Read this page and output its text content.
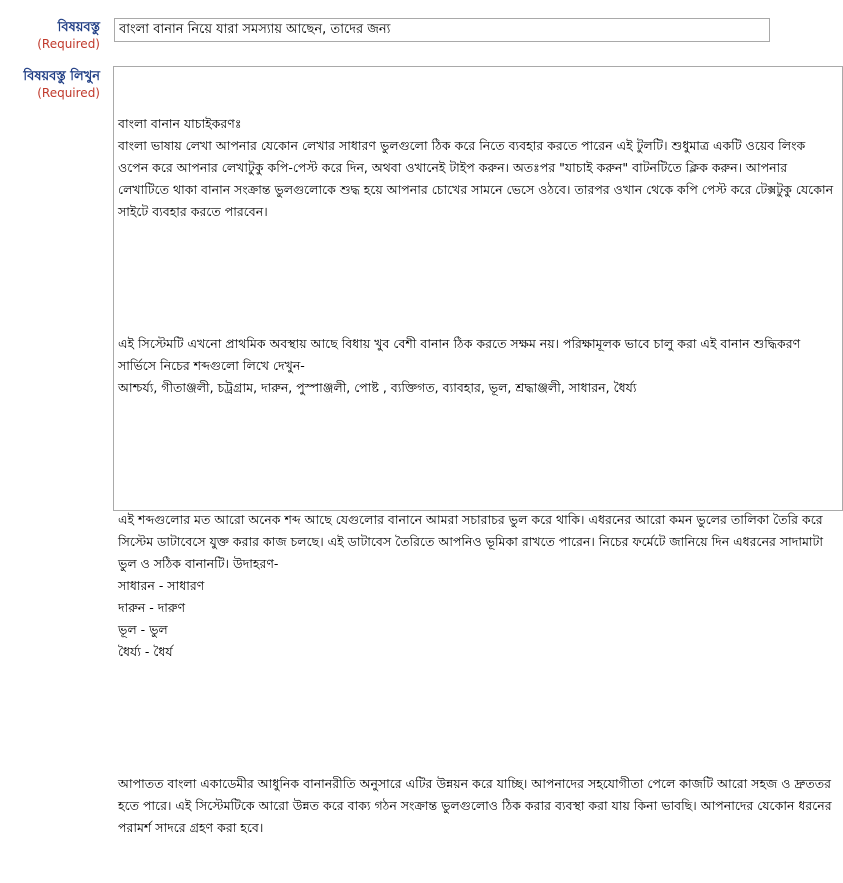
বিষয়বস্তু
(Required)
বাংলা বানান নিয়ে যারা সমস্যায় আছেন, তাদের জন্য
বিষয়বস্তু লিখুন
(Required)

বাংলা বানান যাচাইকরণঃ
বাংলা ভাষায় লেখা আপনার যেকোন লেখার সাধারণ ভুলগুলো ঠিক করে নিতে ব্যবহার করতে পারেন এই টুলটি। শুধুমাত্র একটি ওয়েব লিংক ওপেন করে আপনার লেখাটুকু কপি-পেস্ট করে দিন, অথবা ওখানেই টাইপ করুন। অতঃপর "যাচাই করুন" বাটনটিতে ক্লিক করুন। আপনার লেখাটিতে থাকা বানান সংক্রান্ত ভুলগুলোকে শুদ্ধ হয়ে আপনার চোখের সামনে ভেসে ওঠবে। তারপর ওখান থেকে কপি পেস্ট করে টেক্সটুকু যেকোন সাইটে ব্যবহার করতে পারবেন।

এই সিস্টেমটি এখনো প্রাথমিক অবস্থায় আছে বিধায় খুব বেশী বানান ঠিক করতে সক্ষম নয়। পরিক্ষামূলক ভাবে চালু করা এই বানান শুদ্ধিকরণ সার্ভিসে নিচের শব্দগুলো লিখে দেখুন-
আশ্চর্য্য, গীতাঞ্জলী, চট্রগ্রাম, দারুন, পুস্পাঞ্জলী, পোষ্ট , ব্যক্তিগত, ব্যাবহার, ভূল, শ্রদ্ধাঞ্জলী, সাধারন, ধৈর্য্য

এই শব্দগুলোর মত আরো অনেক শব্দ আছে যেগুলোর বানানে আমরা সচারাচর ভুল করে থাকি। এধরনের আরো কমন ভুলের তালিকা তৈরি করে সিস্টেম ডাটাবেসে যুক্ত করার কাজ চলছে। এই ডাটাবেস তৈরিতে আপনিও ভূমিকা রাখতে পারেন। নিচের ফর্মেটে জানিয়ে দিন এধরনের সাদামাটা ভুল ও সঠিক বানানটি। উদাহরণ-
সাধারন - সাধারণ
দারুন - দারুণ
ভূল - ভুল
ধৈর্য্য - ধৈর্য

আপাতত বাংলা একাডেমীর আধুনিক বানানরীতি অনুসারে এটির উন্নয়ন করে যাচ্ছি। আপনাদের সহযোগীতা পেলে কাজটি আরো সহজ ও দ্রুততর হতে পারে। এই সিস্টেমটিকে আরো উন্নত করে বাক্য গঠন সংক্রান্ত ভুলগুলোও ঠিক করার ব্যবস্থা করা যায় কিনা ভাবছি। আপনাদের যেকোন ধরনের পরামর্শ সাদরে গ্রহণ করা হবে।
